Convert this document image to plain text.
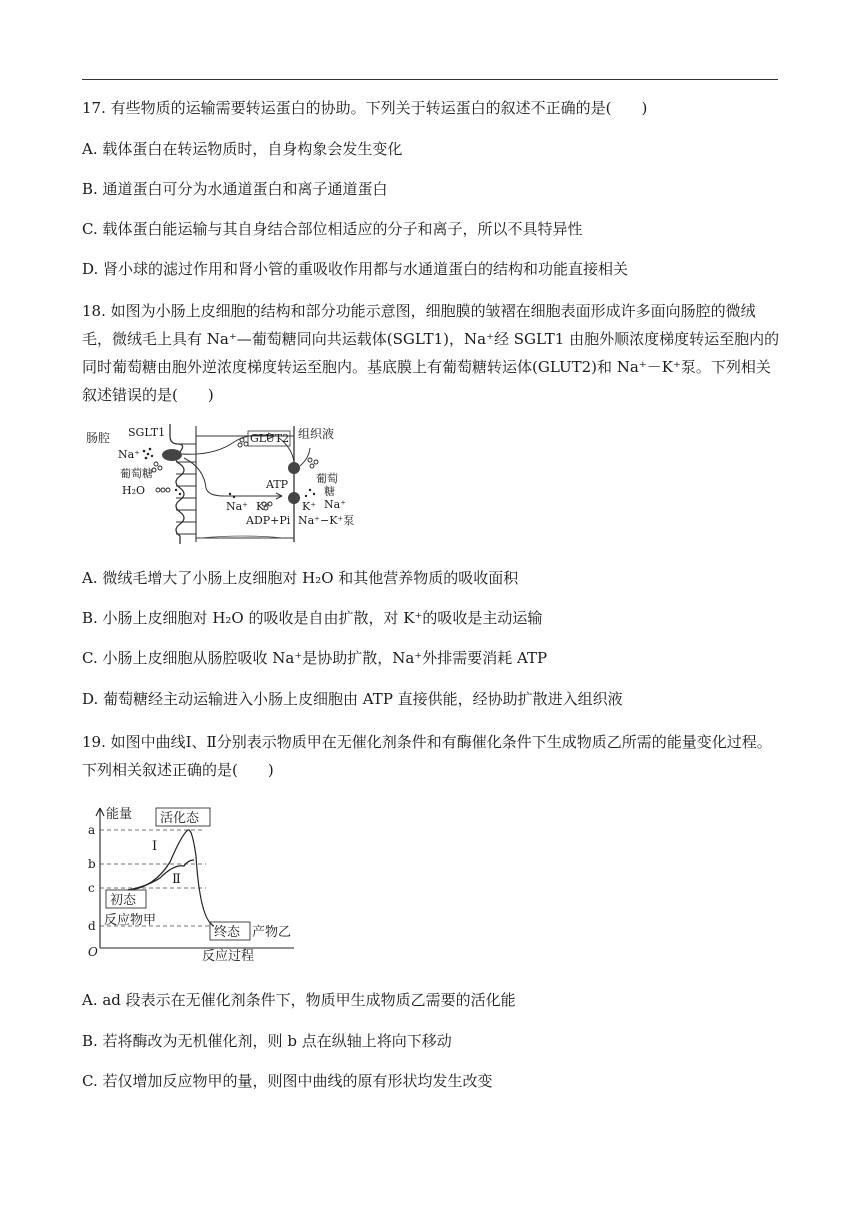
17. 有些物质的运输需要转运蛋白的协助。下列关于转运蛋白的叙述不正确的是(　　)
A. 载体蛋白在转运物质时，自身构象会发生变化
B. 通道蛋白可分为水通道蛋白和离子通道蛋白
C. 载体蛋白能运输与其自身结合部位相适应的分子和离子，所以不具特异性
D. 肾小球的滤过作用和肾小管的重吸收作用都与水通道蛋白的结构和功能直接相关
18. 如图为小肠上皮细胞的结构和部分功能示意图，细胞膜的皱褶在细胞表面形成许多面向肠腔的微绒毛，微绒毛上具有 Na⁺—葡萄糖同向共运载体(SGLT1)，Na⁺经 SGLT1 由胞外顺浓度梯度转运至胞内的同时葡萄糖由胞外逆浓度梯度转运至胞内。基底膜上有葡萄糖转运体(GLUT2)和 Na⁺－K⁺泵。下列相关叙述错误的是(　　)
肠腔 SGLT1
Na⁺
葡萄糖
H₂O
GLUT2 组织液
ATP	葡萄
糖
Na⁺
Na⁺ K⁺	K⁺
ADP+Pi Na⁺−K⁺泵
A. 微绒毛增大了小肠上皮细胞对 H₂O 和其他营养物质的吸收面积
B. 小肠上皮细胞对 H₂O 的吸收是自由扩散，对 K⁺的吸收是主动运输
C. 小肠上皮细胞从肠腔吸收 Na⁺是协助扩散，Na⁺外排需要消耗 ATP
D. 葡萄糖经主动运输进入小肠上皮细胞由 ATP 直接供能，经协助扩散进入组织液
19. 如图中曲线Ⅰ、Ⅱ分别表示物质甲在无催化剂条件和有酶催化条件下生成物质乙所需的能量变化过程。下列相关叙述正确的是(　　)
a
b
c
d
O
能量
反应过程
活化态
Ⅰ
Ⅱ
初态
反应物甲
终态 产物乙
A. ad 段表示在无催化剂条件下，物质甲生成物质乙需要的活化能
B. 若将酶改为无机催化剂，则 b 点在纵轴上将向下移动
C. 若仅增加反应物甲的量，则图中曲线的原有形状均发生改变
